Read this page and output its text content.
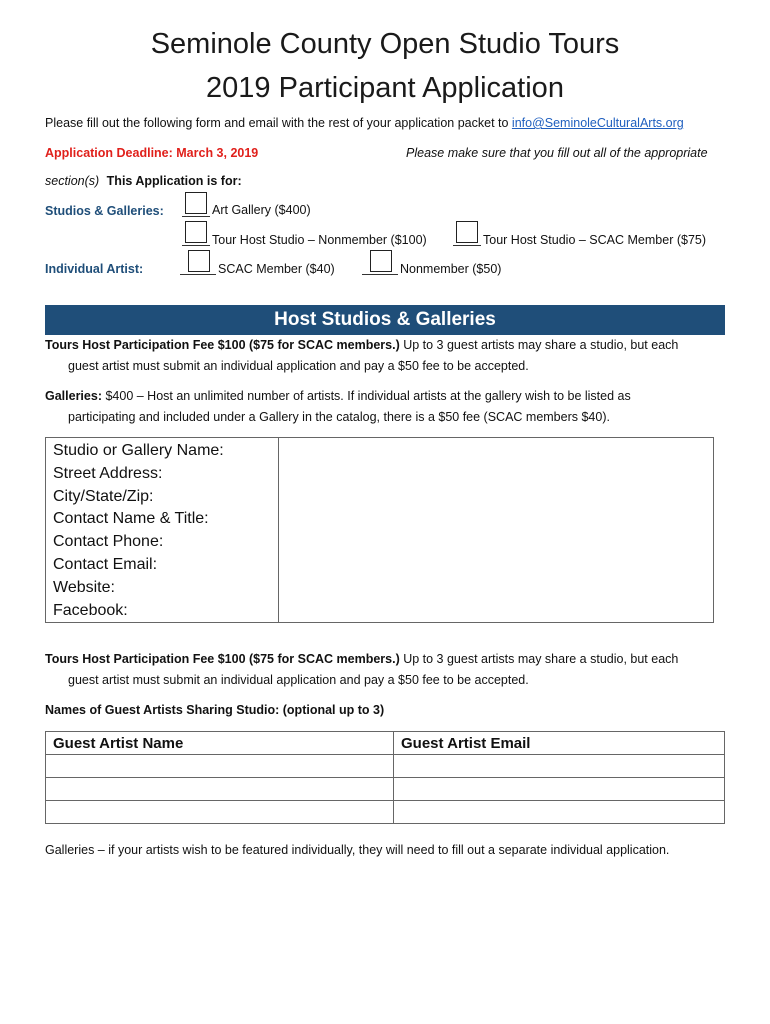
Seminole County Open Studio Tours
2019 Participant Application
Please fill out the following form and email with the rest of your application packet to info@SeminoleCulturalArts.org
Application Deadline: March 3, 2019	Please make sure that you fill out all of the appropriate
section(s) This Application is for:
Studios & Galleries:	Art Gallery ($400)
Tour Host Studio – Nonmember ($100)	Tour Host Studio – SCAC Member ($75)
Individual Artist:	SCAC Member ($40)	Nonmember ($50)
Host Studios & Galleries
Tours Host Participation Fee $100 ($75 for SCAC members.) Up to 3 guest artists may share a studio, but each
guest artist must submit an individual application and pay a $50 fee to be accepted.
Galleries: $400 – Host an unlimited number of artists. If individual artists at the gallery wish to be listed as
participating and included under a Gallery in the catalog, there is a $50 fee (SCAC members $40).
Studio or Gallery Name:
Street Address:
City/State/Zip:
Contact Name & Title:
Contact Phone:
Contact Email:
Website:
Facebook:

Tours Host Participation Fee $100 ($75 for SCAC members.) Up to 3 guest artists may share a studio, but each
guest artist must submit an individual application and pay a $50 fee to be accepted.
Names of Guest Artists Sharing Studio: (optional up to 3)
Guest Artist Name	Guest Artist Email

Galleries – if your artists wish to be featured individually, they will need to fill out a separate individual application.
